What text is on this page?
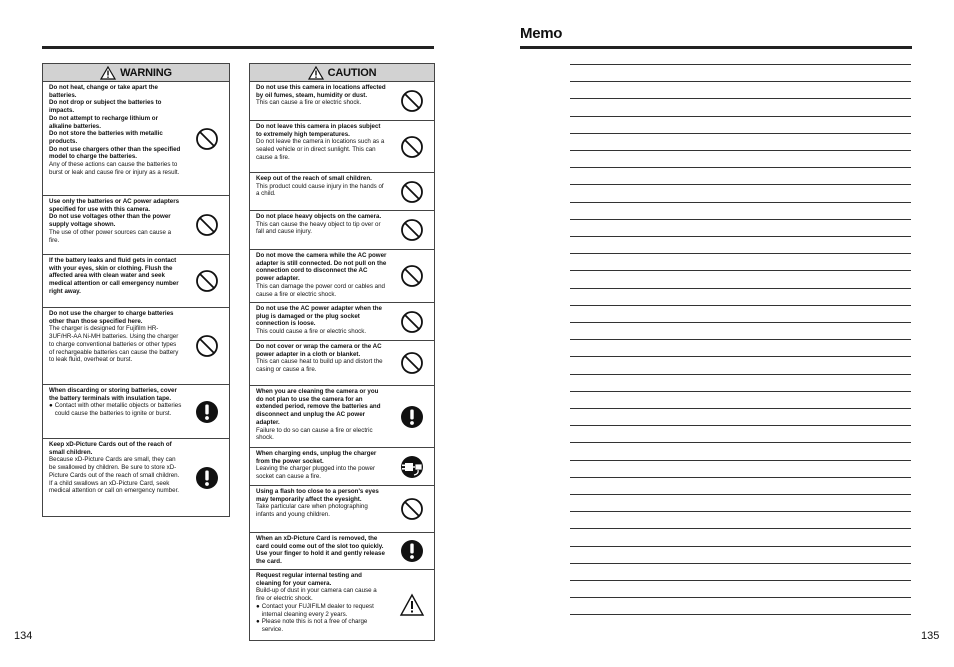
WARNING
Do not heat, change or take apart the batteries.
Do not drop or subject the batteries to impacts.
Do not attempt to recharge lithium or alkaline batteries.
Do not store the batteries with metallic products.
Do not use chargers other than the specified model to charge the batteries.
Any of these actions can cause the batteries to burst or leak and cause fire or injury as a result.
Use only the batteries or AC power adapters specified for use with this camera.
Do not use voltages other than the power supply voltage shown.
The use of other power sources can cause a fire.
If the battery leaks and fluid gets in contact with your eyes, skin or clothing. Flush the affected area with clean water and seek medical attention or call emergency number right away.
Do not use the charger to charge batteries other than those specified here.
The charger is designed for Fujifilm HR-3UF/HR-AA Ni-MH batteries. Using the charger to charge conventional batteries or other types of rechargeable batteries can cause the battery to leak fluid, overheat or burst.
When discarding or storing batteries, cover the battery terminals with insulation tape.
● Contact with other metallic objects or batteries could cause the batteries to ignite or burst.
Keep xD-Picture Cards out of the reach of small children.
Because xD-Picture Cards are small, they can be swallowed by children. Be sure to store xD-Picture Cards out of the reach of small children. If a child swallows an xD-Picture Card, seek medical attention or call on emergency number.
CAUTION
Do not use this camera in locations affected by oil fumes, steam, humidity or dust.
This can cause a fire or electric shock.
Do not leave this camera in places subject to extremely high temperatures.
Do not leave the camera in locations such as a sealed vehicle or in direct sunlight. This can cause a fire.
Keep out of the reach of small children.
This product could cause injury in the hands of a child.
Do not place heavy objects on the camera.
This can cause the heavy object to tip over or fall and cause injury.
Do not move the camera while the AC power adapter is still connected. Do not pull on the connection cord to disconnect the AC power adapter.
This can damage the power cord or cables and cause a fire or electric shock.
Do not use the AC power adapter when the plug is damaged or the plug socket connection is loose.
This could cause a fire or electric shock.
Do not cover or wrap the camera or the AC power adapter in a cloth or blanket.
This can cause heat to build up and distort the casing or cause a fire.
When you are cleaning the camera or you do not plan to use the camera for an extended period, remove the batteries and disconnect and unplug the AC power adapter.
Failure to do so can cause a fire or electric shock.
When charging ends, unplug the charger from the power socket.
Leaving the charger plugged into the power socket can cause a fire.
Using a flash too close to a person's eyes may temporarily affect the eyesight.
Take particular care when photographing infants and young children.
When an xD-Picture Card is removed, the card could come out of the slot too quickly. Use your finger to hold it and gently release the card.
Request regular internal testing and cleaning for your camera.
Build-up of dust in your camera can cause a fire or electric shock.
● Contact your FUJIFILM dealer to request internal cleaning every 2 years.
● Please note this is not a free of charge service.
134
Memo
135
